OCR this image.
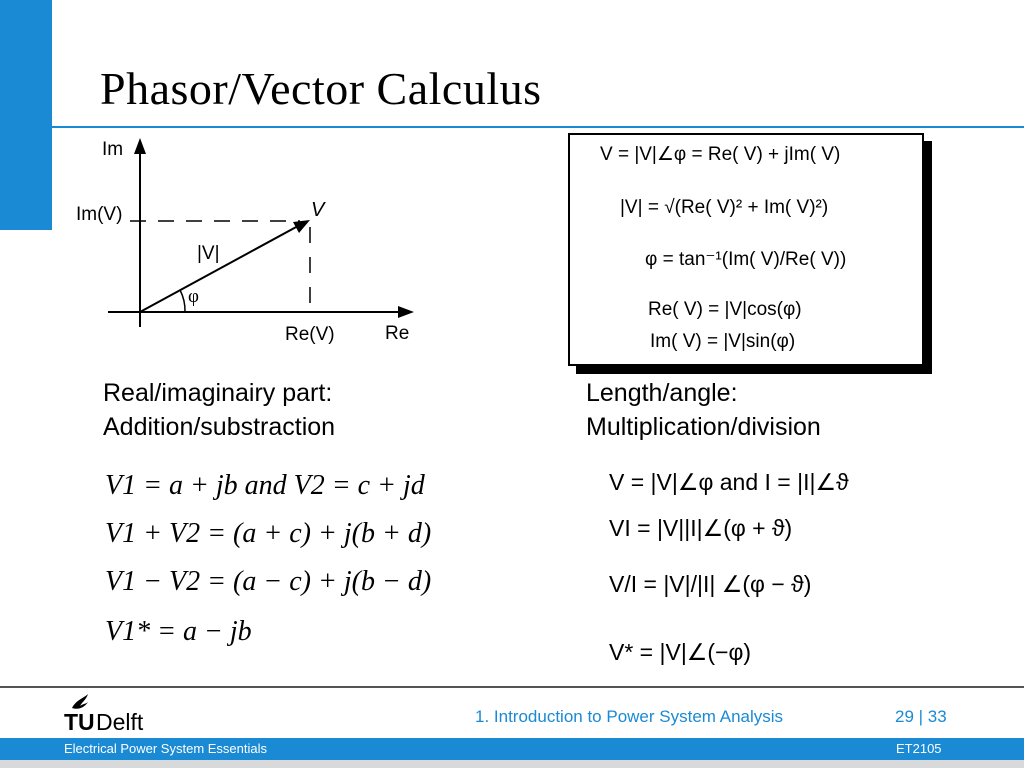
Phasor/Vector Calculus
Im
Im(V)	V
|V|
φ
Re(V)	Re
V = |V|∠φ = Re( V) + jIm( V)
|V| = √(Re( V)² + Im( V)²)
φ = tan⁻¹(Im( V)/Re( V))
Re( V) = |V|cos(φ)
Im( V) = |V|sin(φ)
Real/imaginairy part:
Addition/substraction
Length/angle:
Multiplication/division
V1 = a + jb and V2 = c + jd
V1 + V2 = (a + c) + j(b + d)
V1 − V2 = (a − c) + j(b − d)
V1* = a − jb
V = |V|∠φ and I = |I|∠ϑ
VI = |V||I|∠(φ + ϑ)
V/I = |V|/|I| ∠(φ − ϑ)
V* = |V|∠(−φ)
TU Delft	1. Introduction to Power System Analysis	29 | 33
Electrical Power System Essentials	ET2105
